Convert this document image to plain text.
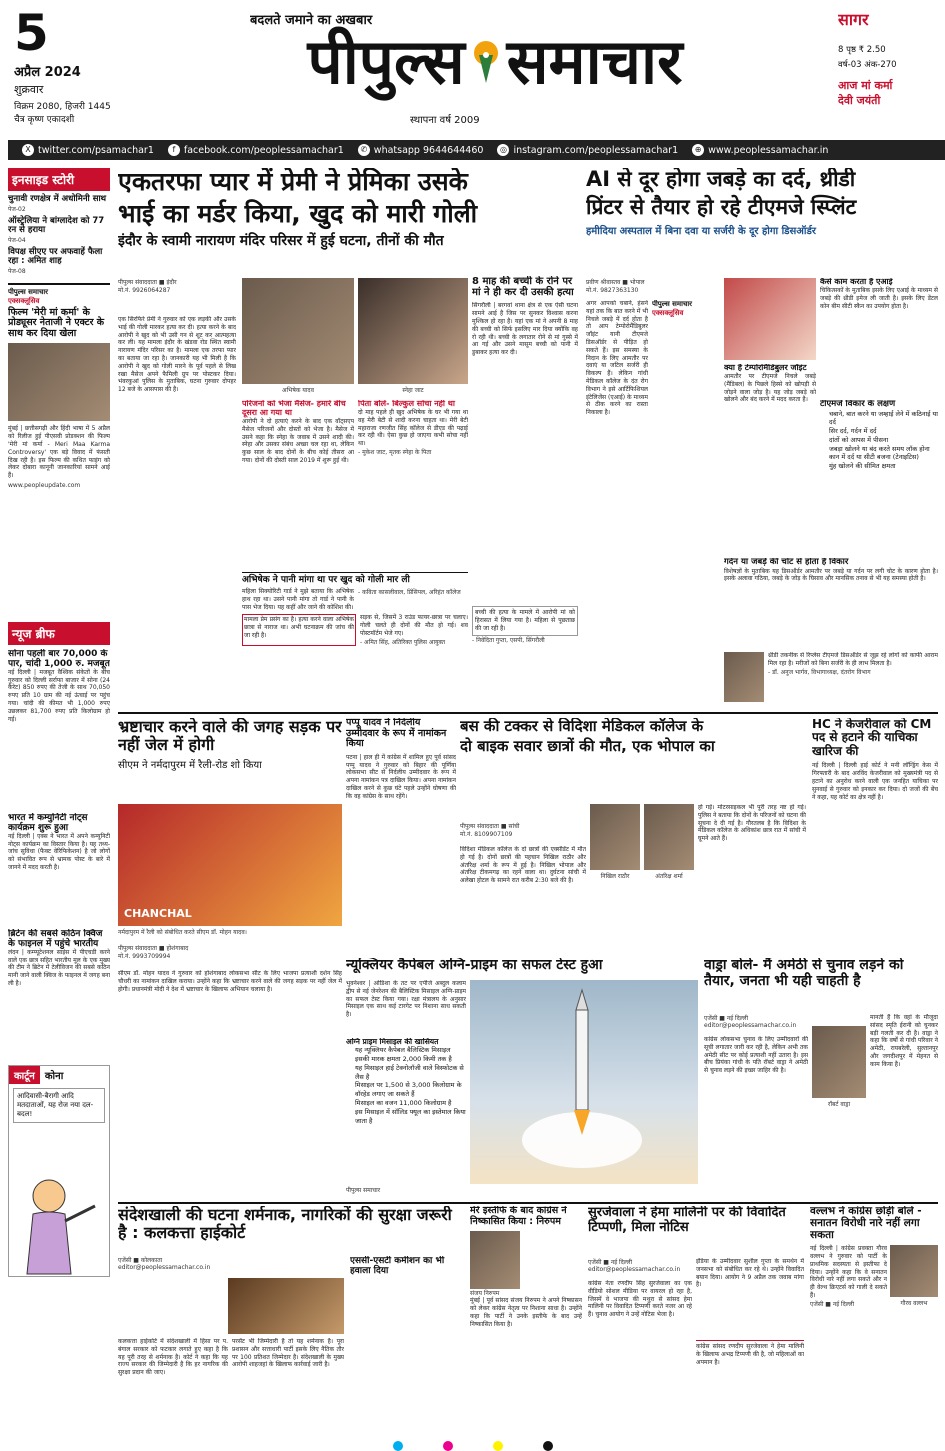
5
अप्रैल 2024
शुक्रवार
विक्रम 2080, हिजरी 1445
चैत्र कृष्ण एकादशी
बदलते जमाने का अखबार
पीपुल्स समाचार
स्थापना वर्ष 2009
सागर
8 पृष्ठ ₹ 2.50
वर्ष-03 अंक-270
आज मां कर्मा
देवी जयंती
X twitter.com/psamachar1	f facebook.com/peoplessamachar1	✆ whatsapp 9644644460	◎ instagram.com/peoplessamachar1	⊕ www.peoplessamachar.in
इनसाइड स्टोरी
चुनावी रणक्षेत्र में अधोमिनी साथ
पेज-02
ऑस्ट्रेलिया ने बांग्लादेश को 77 रन से हराया
पेज-04
विपक्ष सीएए पर अफवाहें फैला रहा : अमित शाह
पेज-08
पीपुल्स समाचार
एक्सक्लूसिव
फिल्म 'मेरी मां कर्मा' के प्रोड्यूसर नेताजी ने एक्टर के साथ कर दिया खेला
मुंबई | छत्तीसगढ़ी और हिंदी भाषा में 5 अप्रैल को रिलीज हुई पीएसवी प्रोडक्शन की फिल्म 'मेरी मां कर्मा - Meri Maa Karma Controversy' एक बड़े विवाद में फंसती दिख रही है। इस फिल्म की कथित फाइंग को लेकर दोबारा कानूनी जानकारियां सामने आई हैं।
www.peopleupdate.com
न्यूज ब्रीफ
सोना पहली बार 70,000 के पार, चांदी 1,000 रु. मजबूत
नई दिल्ली | मजबूत वैश्विक संकेतों के बीच गुरुवार को दिल्ली सर्राफा बाजार में सोना (24 कैरेट) 850 रुपए की तेजी के साथ 70,050 रुपए प्रति 10 ग्राम की नई ऊंचाई पर पहुंच गया। चांदी की कीमत भी 1,000 रुपए उछलकर 81,700 रुपए प्रति किलोग्राम हो गई।
भारत में कम्युनिटी नोट्स कार्यक्रम शुरू हुआ
नई दिल्ली | एक्स ने भारत में अपने कम्युनिटी नोट्स कार्यक्रम का विस्तार किया है। यह तथ्य-जांच सुविधा (फैक्ट वेरिफिकेशन) है जो लोगों को संभावित रूप से भ्रामक पोस्ट के बारे में जानने में मदद करती है।
ब्रिटेन की सबसे कठिन क्विज के फाइनल में पहुंचे भारतीय
लंदन | कम्प्यूटेशनल साइंस में पीएचडी करने वाले एक छात्र सहित भारतीय मूल के एक मुख्य की टीम ने ब्रिटेन में टेलीविजन की सबसे कठिन मानी जाने वाली क्विज के फाइनल में जगह बना ली है।
कार्टून	कोना
आदिवासी-बैरागी आदि मतदाताओं, यह रोज नया दल-बदल!
एकतरफा प्यार में प्रेमी ने प्रेमिका उसके
भाई का मर्डर किया, खुद को मारी गोली
इंदौर के स्वामी नारायण मंदिर परिसर में हुई घटना, तीनों की मौत
पीपुल्स संवाददाता ■ इंदौर
मो.नं. 9926064287
एक सिरफिरे प्रेमी ने गुरुवार को एक लड़की और उसके भाई की गोली मारकर हत्या कर दी। हत्या करने के बाद आरोपी ने खुद को भी उसी गन से शूट कर आत्महत्या कर ली। यह मामला इंदौर के खंडवा रोड स्थित स्वामी नारायण मंदिर परिसर का है। मामला एक तरफा प्यार का बताया जा रहा है। जानकारी यह भी मिली है कि आरोपी ने खुद को गोली मारने के पूर्व पहले से लिख रखा मैसेज अपने फैमिली ग्रुप पर पोस्टकर दिया। भंवरकुआं पुलिस के मुताबिक, घटना गुरुवार दोपहर 12 बजे के आसपास की है।	अभिषेक यादव	स्नेहा जाट
परिजनों को भेजा मैसेज- हमारे बीच दूसरा आ गया था
आरोपी ने दो हत्याएं करने के बाद एक वॉट्सएप मैसेज परिजनों और दोस्तों को भेजा है। मैसेज में उसने कहा कि स्नेहा के जवाब में उसने शादी की। स्नेहा और उसका संबंध अच्छा चल रहा था, लेकिन कुछ साल के बाद दोनों के बीच कोई तीसरा आ गया। दोनों की दोस्ती साल 2019 में शुरू हुई थी।
पिता बोले- बिल्कुल सोचा नहीं था
दो माह पहले ही खुद अभिषेक के घर भी गया था वह मेरी बेटी से शादी करना चाहता था। मेरी बेटी महाराजा रणजीत सिंह कॉलेज से डीएड की पढ़ाई कर रही थी। ऐसा कुछ हो जाएगा कभी सोचा नहीं था।
- मुकेश जाट, मृतक स्नेहा के पिता
अभिषेक ने पानी मांगा था पर खुद को गोली मार ली
महिला सिक्योरिटी गार्ड ने मुझे बताया कि अभिषेक हाथ रहा था। उसने पानी मांगा तो गार्ड ने पानी के पास भेज दिया। यह कहीं और जाने की कोशिश की।
- कविता कासलीवाल, प्रिंसिपल, अरिहंत कॉलेज
मामला प्रेम प्रसंग का है। हत्या करने वाला अभिषेक छात्रा से नाराज था। अभी घटनाक्रम की जांच की जा रही है।
सड़क से, जिसमें 3 राउंड फायर-छात्रा पर चलाए। गोली चलते ही दोनों की मौत हो गई। शव पोस्टमॉर्टम भेजे गए।
- अमित सिंह, अतिरिक्त पुलिस आयुक्त
8 माह की बच्ची के रोने पर मां ने ही कर दी उसकी हत्या
सिंगरौली | बरगवां थाना क्षेत्र से एक ऐसी घटना सामने आई है जिस पर सुनकर विश्वास करना मुश्किल हो रहा है। यहां एक मां ने अपनी 8 माह की बच्ची को सिर्फ इसलिए मार दिया क्योंकि वह रो रही थी। बच्ची के लगातार रोने से मां गुस्से में आ गई और उसने मासूम बच्ची को पानी में डुबाकर हत्या कर दी।
बच्ची की हत्या के मामले में आरोपी मां को हिरासत में लिया गया है। महिला से पूछताछ की जा रही है।
- निवेदिता गुप्ता, एसपी, सिंगरौली
AI से दूर होगा जबड़े का दर्द, थ्रीडी
प्रिंटर से तैयार हो रहे टीएमजे स्प्लिंट
हमीदिया अस्पताल में बिना दवा या सर्जरी के दूर होगा डिसऑर्डर
प्रवीण श्रीवास्तव ■ भोपाल
मो.नं. 9827363130
अगर आपको चबाने, हंसने यहां तक कि बात करने में भी निचले जबड़े में दर्द होता है तो आप टेम्पोरोमैंडिबुलर जॉइंट यानी टीएमजे डिसऑर्डर से पीड़ित हो सकते हैं। इस समस्या के निदान के लिए आमतौर पर दवाएं या जटिल सर्जरी ही विकल्प हैं। लेकिन गांधी मेडिकल कॉलेज के दंत रोग विभाग ने इसे आर्टिफिशियल इंटेलिजेंस (एआई) के माध्यम से ठीक करने का रास्ता निकाला है।
पीपुल्स समाचार
एक्सक्लूसिव
क्या है टेम्पोरोमैंडिबुलर जॉइंट
आमतौर पर टीएमजे निचले जबड़े (मैंडिबल) के पिछले हिस्से को खोपड़ी से जोड़ने वाला जोड़ है। यह जोड़ जबड़े को खोलने और बंद करने में मदद करता है।
कैसे काम करता है एआई
चिकित्सकों के मुताबिक इसके लिए एआई के माध्यम से जबड़े की थ्रीडी इमेज ली जाती है। इसके लिए डेंटल कोन बीम सीटी स्कैन का उपयोग होता है।
टीएमजे विकार के लक्षण
• चबाने, बात करने या जम्हाई लेने में कठिनाई या दर्द
• सिर दर्द, गर्दन में दर्द
• दांतों को आपस में पीसना
• जबड़ा खोलने या बंद करते समय लॉक होना
• कान में दर्द या सीटी बजना (टेनाइटिस)
• मुंह खोलने की सीमित क्षमता
गर्दन या जबड़े की चोट से होता है विकार
विशेषज्ञों के मुताबिक यह डिसऑर्डर आमतौर पर जबड़े या गर्दन पर लगी चोट के कारण होता है। इसके अलावा गठिया, जबड़े के जोड़ के घिसाव और मानसिक तनाव से भी यह समस्या होती है।
थ्रीडी तकनीक से रिप्लेस टीएमजे डिसऑर्डर से जूझ रहे लोगों को काफी आराम मिल रहा है। मरीजों को बिना सर्जरी के ही लाभ मिलता है।
- डॉ. अनुज भार्गव, विभागाध्यक्ष, दंतरोग विभाग
भ्रष्टाचार करने वाले की जगह सड़क पर नहीं जेल में होगी
सीएम ने नर्मदापुरम में रैली-रोड शो किया
CHANCHAL
नर्मदापुरम में रैली को संबोधित करते सीएम डॉ. मोहन यादव।
पीपुल्स संवाददाता ■ होशंगाबाद
मो.नं. 9993709994
सीएम डॉ. मोहन यादव ने गुरुवार को होशंगाबाद लोकसभा सीट के लिए भाजपा प्रत्याशी दर्शन सिंह चौधरी का नामांकन दाखिल कराया। उन्होंने कहा कि भ्रष्टाचार करने वाले की जगह सड़क पर नहीं जेल में होगी। प्रधानमंत्री मोदी ने देश में भ्रष्टाचार के खिलाफ अभियान चलाया है।
पप्पू यादव ने निर्दलीय उम्मीदवार के रूप में नामांकन किया
पटना | हाल ही में कांग्रेस में शामिल हुए पूर्व सांसद पप्पू यादव ने गुरुवार को बिहार की पूर्णिया लोकसभा सीट से निर्दलीय उम्मीदवार के रूप में अपना नामांकन पत्र दाखिल किया। अपना नामांकन दाखिल करने से कुछ घंटे पहले उन्होंने घोषणा की कि वह कांग्रेस के साथ रहेंगे।
बस की टक्कर से विदिशा मेडिकल कॉलेज के
दो बाइक सवार छात्रों की मौत, एक भोपाल का
पीपुल्स संवाददाता ■ सांची
मो.नं. 8109907109
विदिशा मेडिकल कॉलेज के दो छात्रों की एक्सीडेंट में मौत हो गई है। दोनों छात्रों की पहचान निखिल राठौर और अंतरिक्ष शर्मा के रूप में हुई है। निखिल भोपाल और अंतरिक्ष टीकमगढ़ का रहने वाला था। दुर्घटना सांची में अलेखा होटल के सामने रात करीब 2:30 बजे की है।
निखिल राठौर	अंतरिक्ष शर्मा
हो गई। मोटरसाइकल भी पूरी तरह नष्ट हो गई। पुलिस ने बताया कि दोनों के परिजनों को घटना की सूचना दे दी गई है। गौरतलब है कि विदिशा के मेडिकल कॉलेज के अधिकांश छात्र रात में सांची में घूमने आते हैं।
HC ने केजरीवाल को CM पद से हटाने की याचिका खारिज की
नई दिल्ली | दिल्ली हाई कोर्ट ने मनी लॉन्ड्रिंग केस में गिरफ्तारी के बाद अरविंद केजरीवाल को मुख्यमंत्री पद से हटाने का अनुरोध करने वाली एक जनहित याचिका पर सुनवाई से गुरुवार को इनकार कर दिया। दो जजों की बेंच ने कहा, यह कोर्ट का क्षेत्र नहीं है।
न्यूक्लियर कैपेबल अग्नि-प्राइम का सफल टेस्ट हुआ
भुवनेश्वर | ओडिशा के तट पर एपीजे अब्दुल कलाम द्वीप से नई जेनरेशन की बैलिस्टिक मिसाइल अग्नि-प्राइम का सफल टेस्ट किया गया। रक्षा मंत्रालय के अनुसार मिसाइल एक साथ कई टारगेट पर निशाना साध सकती है।
अग्नि प्राइम मिसाइल की खासियत
• यह न्यूक्लियर कैपेबल बैलिस्टिक मिसाइल
• इसकी मारक क्षमता 2,000 किमी तक है
• यह मिसाइल हाई टेक्नोलॉजी वाले विस्फोटक से लैस है
• मिसाइल पर 1,500 से 3,000 किलोग्राम के वॉरहेड लगाए जा सकते हैं
• मिसाइल का वजन 11,000 किलोग्राम है
• इस मिसाइल में सॉलिड फ्यूल का इस्तेमाल किया जाता है
पीपुल्स समाचार
वाड्रा बोले- मैं अमेठी से चुनाव लड़ने को तैयार, जनता भी यही चाहती है
एजेंसी ■ नई दिल्ली
editor@peoplessamachar.co.in
कांग्रेस लोकसभा चुनाव के लिए उम्मीदवारों की सूची लगातार जारी कर रही है, लेकिन अभी तक अमेठी सीट पर कोई प्रत्याशी नहीं उतारा है। इस बीच प्रियंका गांधी के पति रॉबर्ट वाड्रा ने अमेठी से चुनाव लड़ने की इच्छा जाहिर की है।
रॉबर्ट वाड्रा
मानती हैं कि वहां के मौजूदा सांसद स्मृति ईरानी को चुनकर बड़ी गलती कर दी है। वाड्रा ने कहा कि वर्षों से गांधी परिवार ने अमेठी, रायबरेली, सुल्तानपुर और जगदीशपुर में मेहनत से काम किया है।
संदेशखाली की घटना शर्मनाक, नागरिकों की सुरक्षा जरूरी है : कलकत्ता हाईकोर्ट
एजेंसी ■ कोलकाता
editor@peoplessamachar.co.in
कलकत्ता हाईकोर्ट में संदेशखाली में हिंसा पर प. बंगाल सरकार को फटकार लगाते हुए कहा है कि यह पूरी तरह से शर्मनाक है। कोर्ट ने कहा कि यह राज्य सरकार की जिम्मेदारी है कि हर नागरिक की सुरक्षा प्रदान की जाए।
परसेंट भी जिम्मेदारी है तो यह शर्मनाक है। पूरा प्रशासन और सत्ताधारी पार्टी इसके लिए नैतिक तौर पर 100 प्रतिशत जिम्मेदार है। संदेशखाली के मुख्य आरोपी शाहजहां के खिलाफ कार्रवाई जारी है।
एससी-एसटी कमीशन का भी हवाला दिया
मेरे इस्तीफे के बाद कांग्रेस ने निष्कासित किया : निरुपम
संजय निरुपम
मुंबई | पूर्व सांसद संजय निरुपम ने अपने निष्कासन को लेकर कांग्रेस नेतृत्व पर निशाना साधा है। उन्होंने कहा कि पार्टी ने उनके इस्तीफे के बाद उन्हें निष्कासित किया है।
सुरजेवाला ने हेमा मालिनी पर की विवादित टिप्पणी, मिला नोटिस
एजेंसी ■ नई दिल्ली
editor@peoplessamachar.co.in
कांग्रेस नेता रणदीप सिंह सुरजेवाला का एक वीडियो सोशल मीडिया पर वायरल हो रहा है, जिसमें वे भाजपा की मथुरा से सांसद हेमा मालिनी पर विवादित टिप्पणी करते नजर आ रहे हैं। चुनाव आयोग ने उन्हें नोटिस भेजा है।
इंडिया के उम्मीदवार सुशील गुप्ता के समर्थन में जनसभा को संबोधित कर रहे थे। उन्होंने विवादित बयान दिया। आयोग ने 9 अप्रैल तक जवाब मांगा है।
कांग्रेस सांसद रणदीप सुरजेवाला ने हेमा मालिनी के खिलाफ अभद्र टिप्पणी की है, जो महिलाओं का अपमान है।
वल्लभ ने कांग्रेस छोड़ी बोले - सनातन विरोधी नारे नहीं लगा सकता
गौरव वल्लभ
नई दिल्ली | कांग्रेस प्रवक्ता गौरव वल्लभ ने गुरुवार को पार्टी के प्राथमिक सदस्यता से इस्तीफा दे दिया। उन्होंने कहा कि वे सनातन विरोधी नारे नहीं लगा सकते और न ही वेल्थ क्रिएटर्स को गाली दे सकते हैं।
एजेंसी ■ नई दिल्ली
